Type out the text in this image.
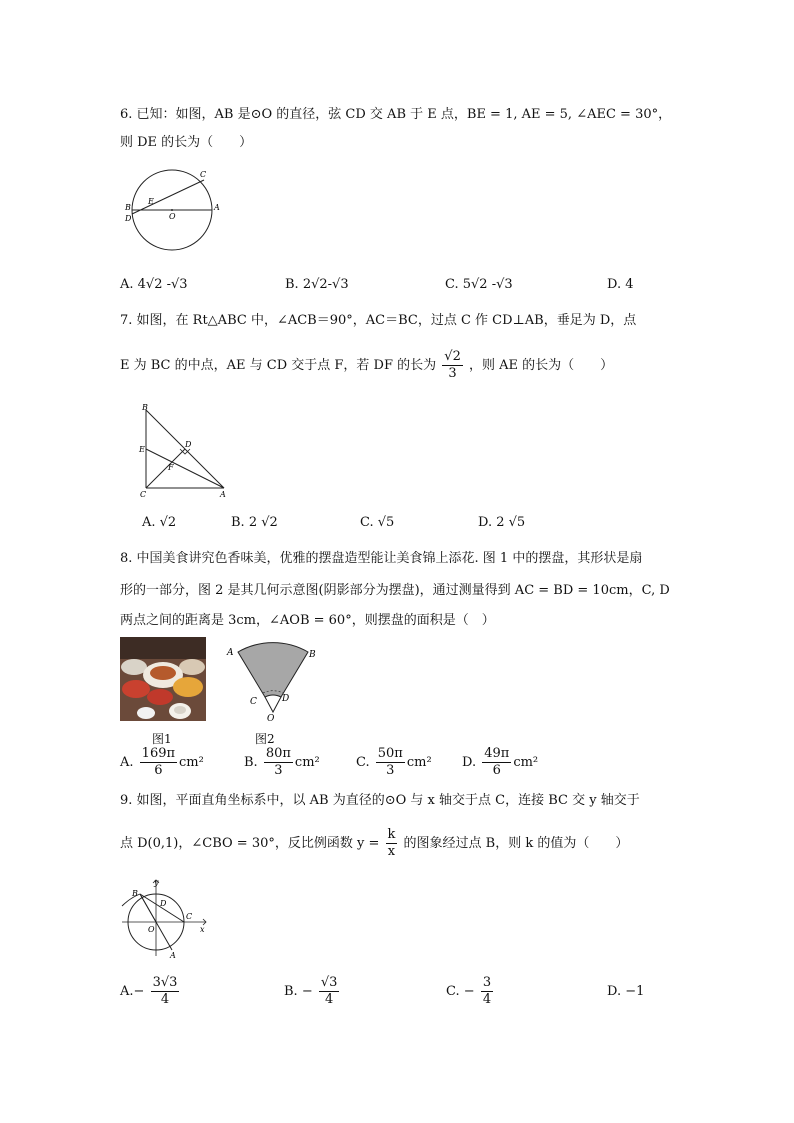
6. 已知：如图，AB 是⊙O 的直径，弦 CD 交 AB 于 E 点，BE = 1, AE = 5, ∠AEC = 30°，
则 DE 的长为（　　）
C
B
E
O
A
D
A. 4√2 -√3	B. 2√2-√3	C. 5√2 -√3	D. 4
7. 如图，在 Rt△ABC 中，∠ACB＝90°，AC＝BC，过点 C 作 CD⊥AB，垂足为 D，点
E 为 BC 的中点，AE 与 CD 交于点 F，若 DF 的长为 $\frac{√2}{3}$ ，则 AE 的长为（　　）
B
E
D
F
C	A
A. √2	B. 2 √2	C. √5	D. 2 √5
8. 中国美食讲究色香味美，优雅的摆盘造型能让美食锦上添花. 图 1 中的摆盘，其形状是扇
形的一部分，图 2 是其几何示意图(阴影部分为摆盘)，通过测量得到 AC = BD = 10cm，C, D
两点之间的距离是 3cm，∠AOB = 60°，则摆盘的面积是（　）
A	B
C	D
O
图1	图2
A. $\frac{169\pi}{6} cm^2$	B. $\frac{80\pi}{3} cm^2$	C. $\frac{50\pi}{3} cm^2$ D. $\frac{49\pi}{6} cm^2$
9. 如图，平面直角坐标系中，以 AB 为直径的⊙O 与 x 轴交于点 C，连接 BC 交 y 轴交于
点 D(0,1)，∠CBO = 30°，反比例函数 $y = \frac{k}{x}$ 的图象经过点 B，则 k 的值为（　　）
y
B
D
C
O	x
A
$A.- \frac{3√3}{4}$	B. − $\frac{√3}{4}$	C. − $\frac{3}{4}$	D. −1
